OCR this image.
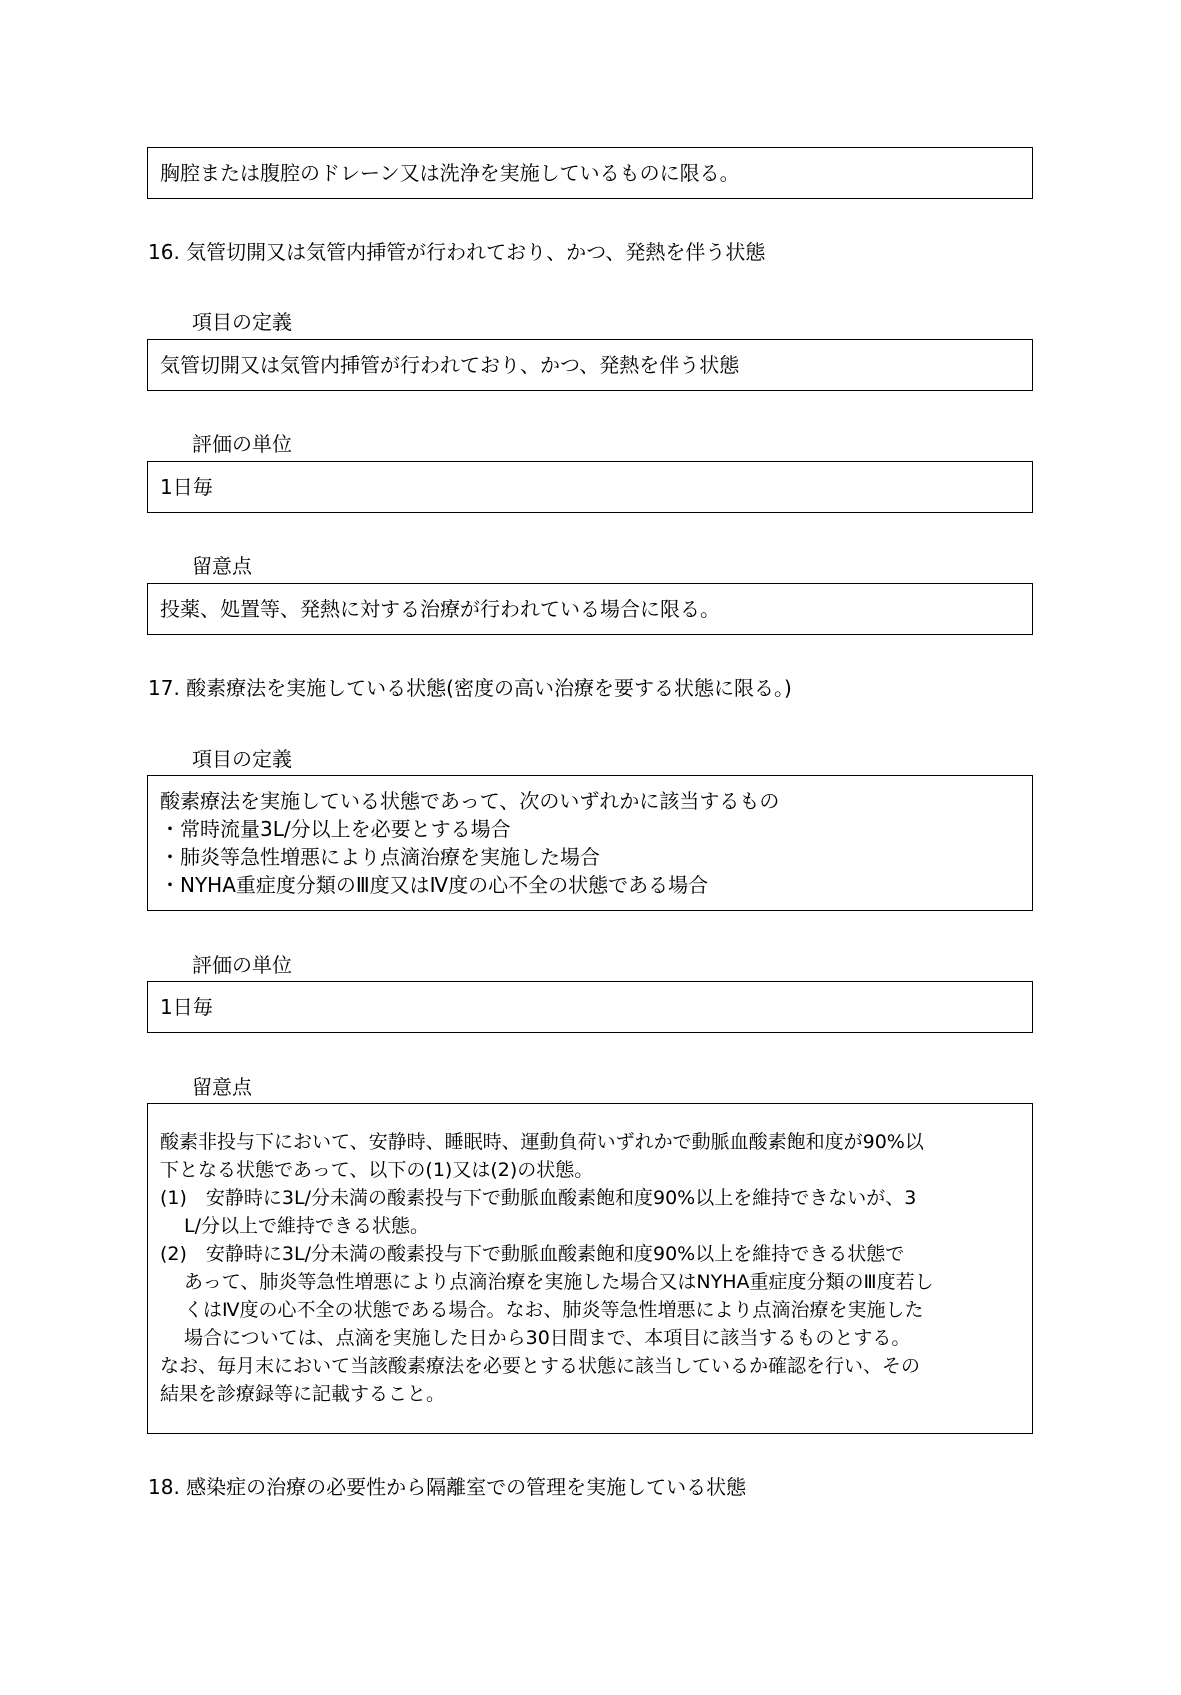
胸腔または腹腔のドレーン又は洗浄を実施しているものに限る。
16. 気管切開又は気管内挿管が行われており、かつ、発熱を伴う状態
項目の定義
気管切開又は気管内挿管が行われており、かつ、発熱を伴う状態
評価の単位
1日毎
留意点
投薬、処置等、発熱に対する治療が行われている場合に限る。
17. 酸素療法を実施している状態(密度の高い治療を要する状態に限る。)
項目の定義
酸素療法を実施している状態であって、次のいずれかに該当するもの
・常時流量3L/分以上を必要とする場合
・肺炎等急性増悪により点滴治療を実施した場合
・NYHA重症度分類のⅢ度又はⅣ度の心不全の状態である場合
評価の単位
1日毎
留意点
酸素非投与下において、安静時、睡眠時、運動負荷いずれかで動脈血酸素飽和度が90%以
下となる状態であって、以下の(1)又は(2)の状態。
(1)　安静時に3L/分未満の酸素投与下で動脈血酸素飽和度90%以上を維持できないが、3
L/分以上で維持できる状態。
(2)　安静時に3L/分未満の酸素投与下で動脈血酸素飽和度90%以上を維持できる状態で
あって、肺炎等急性増悪により点滴治療を実施した場合又はNYHA重症度分類のⅢ度若し
くはⅣ度の心不全の状態である場合。なお、肺炎等急性増悪により点滴治療を実施した
場合については、点滴を実施した日から30日間まで、本項目に該当するものとする。
なお、毎月末において当該酸素療法を必要とする状態に該当しているか確認を行い、その
結果を診療録等に記載すること。
18. 感染症の治療の必要性から隔離室での管理を実施している状態
